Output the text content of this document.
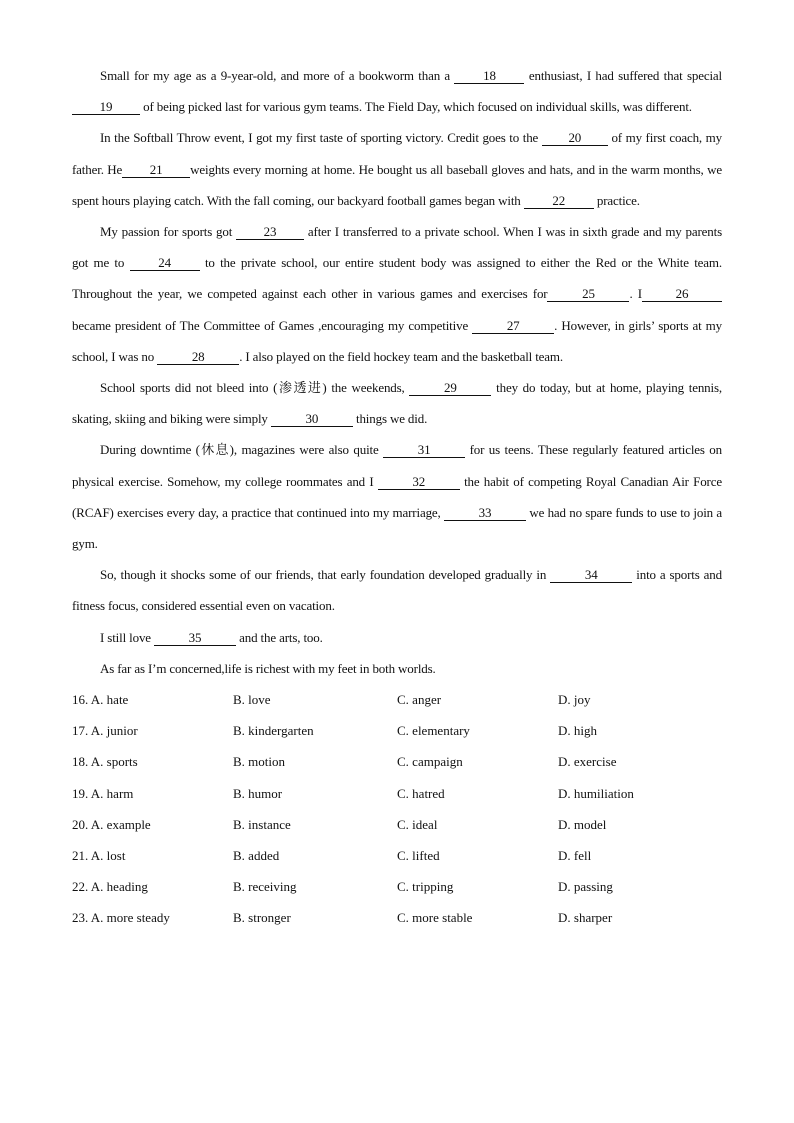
Small for my age as a 9-year-old, and more of a bookworm than a 18 enthusiast, I had suffered that special 19 of being picked last for various gym teams. The Field Day, which focused on individual skills, was different.

In the Softball Throw event, I got my first taste of sporting victory. Credit goes to the 20 of my first coach, my father. He 21 weights every morning at home. He bought us all baseball gloves and hats, and in the warm months, we spent hours playing catch. With the fall coming, our backyard football games began with 22 practice.

My passion for sports got 23 after I transferred to a private school. When I was in sixth grade and my parents got me to 24 to the private school, our entire student body was assigned to either the Red or the White team. Throughout the year, we competed against each other in various games and exercises for	25	. I	26became president of The Committee of Games ,encouraging my competitive	27	. However, in girls’ sports at my school, I was no	28	. I also played on the field hockey team and the basketball team.

School sports did not bleed into (渗透进) the weekends,	29	they do today, but at home, playing tennis, skating, skiing and biking were simply	30	things we did.

During downtime (休息), magazines were also quite	31	for us teens. These regularly featured articles on physical exercise. Somehow, my college roommates and I	32	the habit of competing Royal Canadian Air Force (RCAF) exercises every day, a practice that continued into my marriage,	33	we had no spare funds to use to join a gym.

So, though it shocks some of our friends, that early foundation developed gradually in	34	into a sports and fitness focus, considered essential even on vacation.

I still love	35	and the arts, too.

As far as I’m concerned,life is richest with my feet in both worlds.

16. A. hate	B. love	C. anger	D. joy
17. A. junior	B. kindergarten	C. elementary	D. high
18. A. sports	B. motion	C. campaign	D. exercise
19. A. harm	B. humor	C. hatred	D. humiliation
20. A. example	B. instance	C. ideal	D. model
21. A. lost	B. added	C. lifted	D. fell
22. A. heading	B. receiving	C. tripping	D. passing
23. A. more steady	B. stronger	C. more stable	D. sharper
